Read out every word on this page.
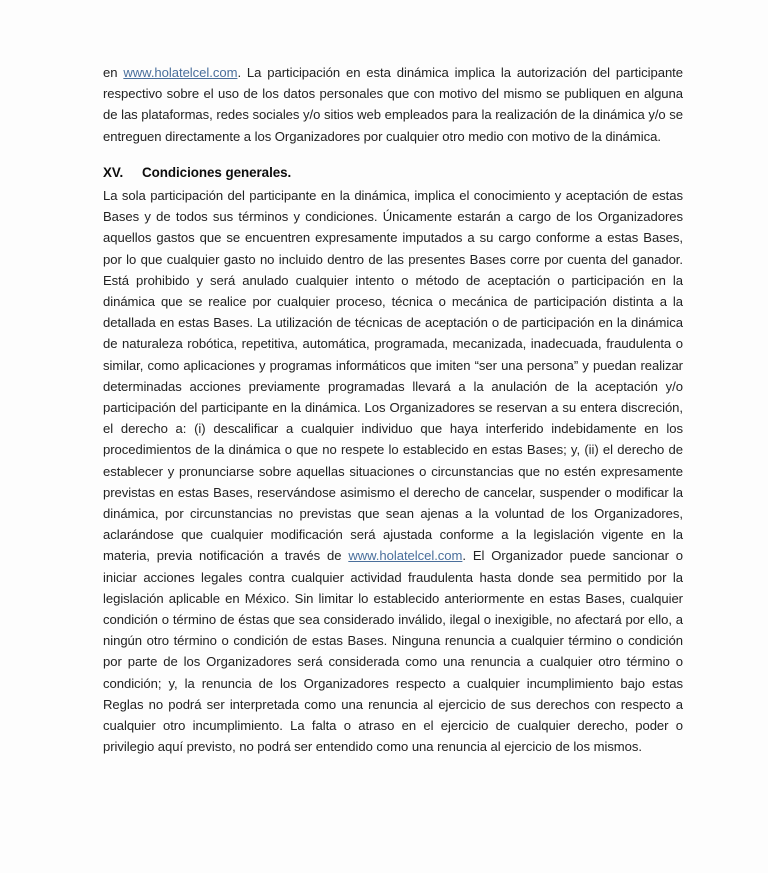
en www.holatelcel.com. La participación en esta dinámica implica la autorización del participante respectivo sobre el uso de los datos personales que con motivo del mismo se publiquen en alguna de las plataformas, redes sociales y/o sitios web empleados para la realización de la dinámica y/o se entreguen directamente a los Organizadores por cualquier otro medio con motivo de la dinámica.

XV. Condiciones generales.

La sola participación del participante en la dinámica, implica el conocimiento y aceptación de estas Bases y de todos sus términos y condiciones. Únicamente estarán a cargo de los Organizadores aquellos gastos que se encuentren expresamente imputados a su cargo conforme a estas Bases, por lo que cualquier gasto no incluido dentro de las presentes Bases corre por cuenta del ganador. Está prohibido y será anulado cualquier intento o método de aceptación o participación en la dinámica que se realice por cualquier proceso, técnica o mecánica de participación distinta a la detallada en estas Bases. La utilización de técnicas de aceptación o de participación en la dinámica de naturaleza robótica, repetitiva, automática, programada, mecanizada, inadecuada, fraudulenta o similar, como aplicaciones y programas informáticos que imiten “ser una persona” y puedan realizar determinadas acciones previamente programadas llevará a la anulación de la aceptación y/o participación del participante en la dinámica. Los Organizadores se reservan a su entera discreción, el derecho a: (i) descalificar a cualquier individuo que haya interferido indebidamente en los procedimientos de la dinámica o que no respete lo establecido en estas Bases; y, (ii) el derecho de establecer y pronunciarse sobre aquellas situaciones o circunstancias que no estén expresamente previstas en estas Bases, reservándose asimismo el derecho de cancelar, suspender o modificar la dinámica, por circunstancias no previstas que sean ajenas a la voluntad de los Organizadores, aclarándose que cualquier modificación será ajustada conforme a la legislación vigente en la materia, previa notificación a través de www.holatelcel.com. El Organizador puede sancionar o iniciar acciones legales contra cualquier actividad fraudulenta hasta donde sea permitido por la legislación aplicable en México. Sin limitar lo establecido anteriormente en estas Bases, cualquier condición o término de éstas que sea considerado inválido, ilegal o inexigible, no afectará por ello, a ningún otro término o condición de estas Bases. Ninguna renuncia a cualquier término o condición por parte de los Organizadores será considerada como una renuncia a cualquier otro término o condición; y, la renuncia de los Organizadores respecto a cualquier incumplimiento bajo estas Reglas no podrá ser interpretada como una renuncia al ejercicio de sus derechos con respecto a cualquier otro incumplimiento. La falta o atraso en el ejercicio de cualquier derecho, poder o privilegio aquí previsto, no podrá ser entendido como una renuncia al ejercicio de los mismos.
